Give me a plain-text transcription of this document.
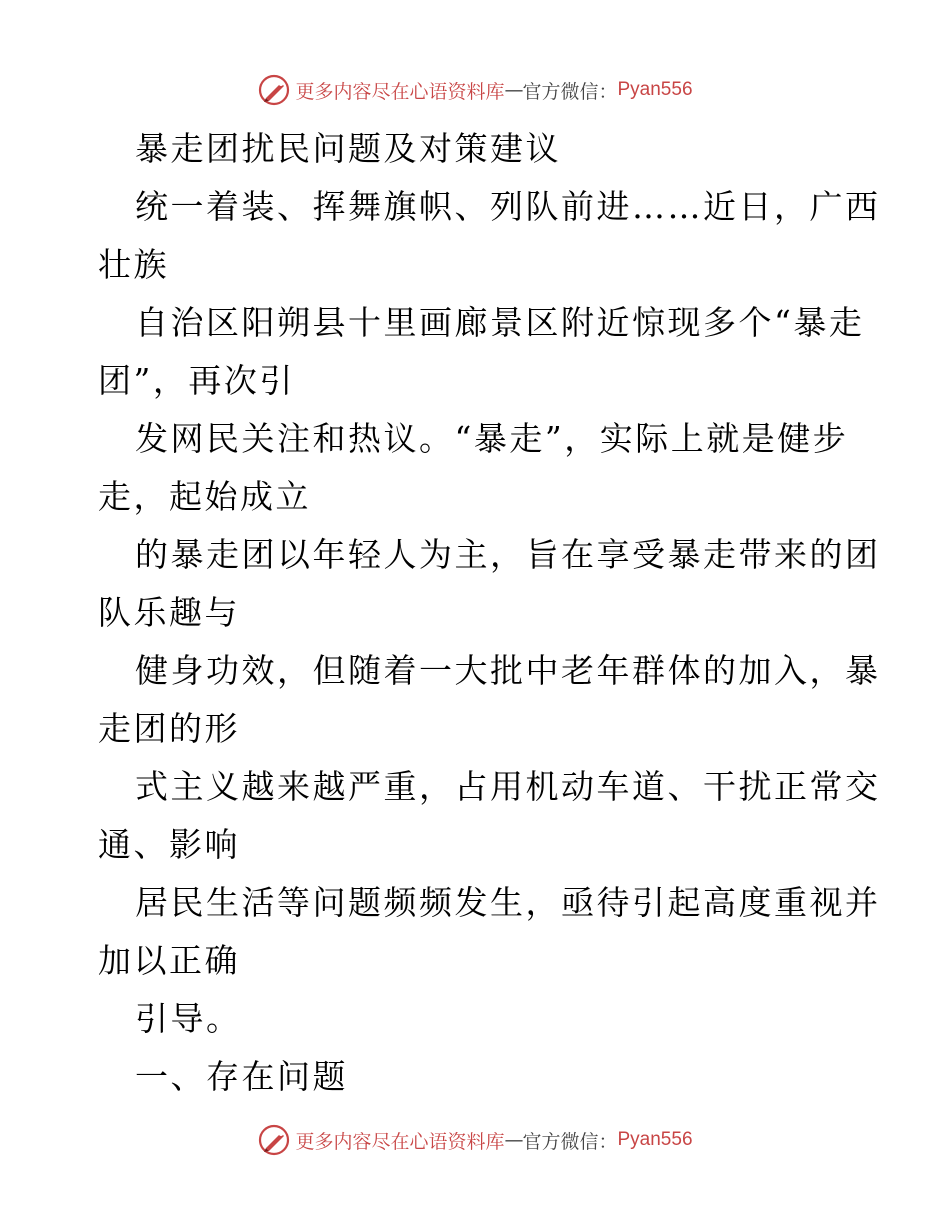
更多内容尽在心语资料库 — 官方微信： Pyan556

暴走团扰民问题及对策建议

统一着装、挥舞旗帜、列队前进……近日，广西

壮族

自治区阳朔县十里画廊景区附近惊现多个“暴走

团”，再次引

发网民关注和热议。“暴走”，实际上就是健步

走，起始成立

的暴走团以年轻人为主，旨在享受暴走带来的团

队乐趣与

健身功效，但随着一大批中老年群体的加入，暴

走团的形

式主义越来越严重，占用机动车道、干扰正常交

通、影响

居民生活等问题频频发生，亟待引起高度重视并

加以正确

引导。

一、存在问题

更多内容尽在心语资料库 — 官方微信： Pyan556
